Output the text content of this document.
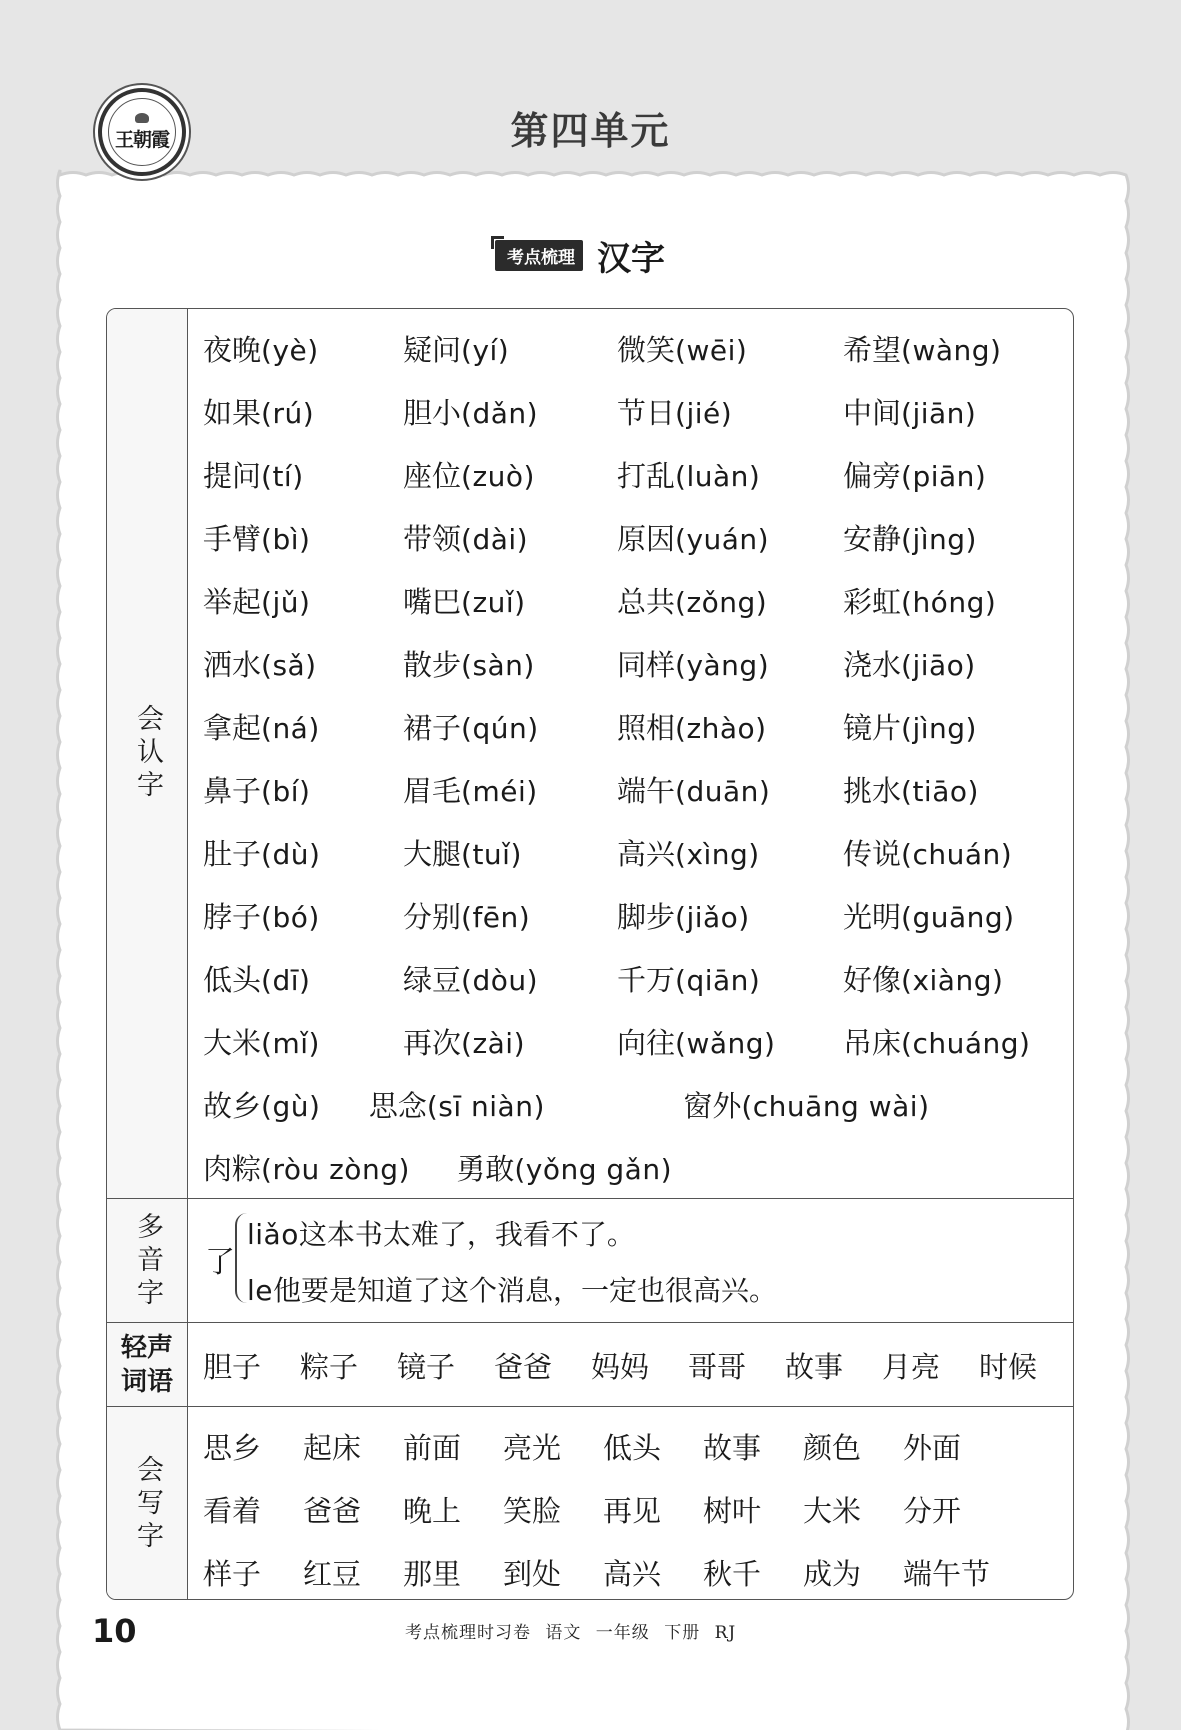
王朝霞	第四单元
考点梳理 汉字
会认字
夜晚(yè)	疑问(yí)	微笑(wēi)	希望(wàng)
如果(rú)	胆小(dǎn)	节日(jié)	中间(jiān)
提问(tí)	座位(zuò)	打乱(luàn)	偏旁(piān)
手臂(bì)	带领(dài)	原因(yuán)	安静(jìng)
举起(jǔ)	嘴巴(zuǐ)	总共(zǒng)	彩虹(hóng)
洒水(sǎ)	散步(sàn)	同样(yàng)	浇水(jiāo)
拿起(ná)	裙子(qún)	照相(zhào)	镜片(jìng)
鼻子(bí)	眉毛(méi)	端午(duān)	挑水(tiāo)
肚子(dù)	大腿(tuǐ)	高兴(xìng)	传说(chuán)
脖子(bó)	分别(fēn)	脚步(jiǎo)	光明(guāng)
低头(dī)	绿豆(dòu)	千万(qiān)	好像(xiàng)
大米(mǐ)	再次(zài)	向往(wǎng)	吊床(chuáng)
故乡(gù) 思念(sī niàn)	窗外(chuāng wài)
肉粽(ròu zòng) 勇敢(yǒng gǎn)
多音字	了
liǎo这本书太难了，我看不了。
le他要是知道了这个消息，一定也很高兴。
轻声
词语 胆子	粽子	镜子	爸爸	妈妈	哥哥	故事	月亮	时候
会写字
思乡	起床	前面	亮光	低头	故事	颜色	外面
看着	爸爸	晚上	笑脸	再见	树叶	大米	分开
样子	红豆	那里	到处	高兴	秋千	成为	端午节
10	考点梳理时习卷 语文 一年级 下册 RJ
